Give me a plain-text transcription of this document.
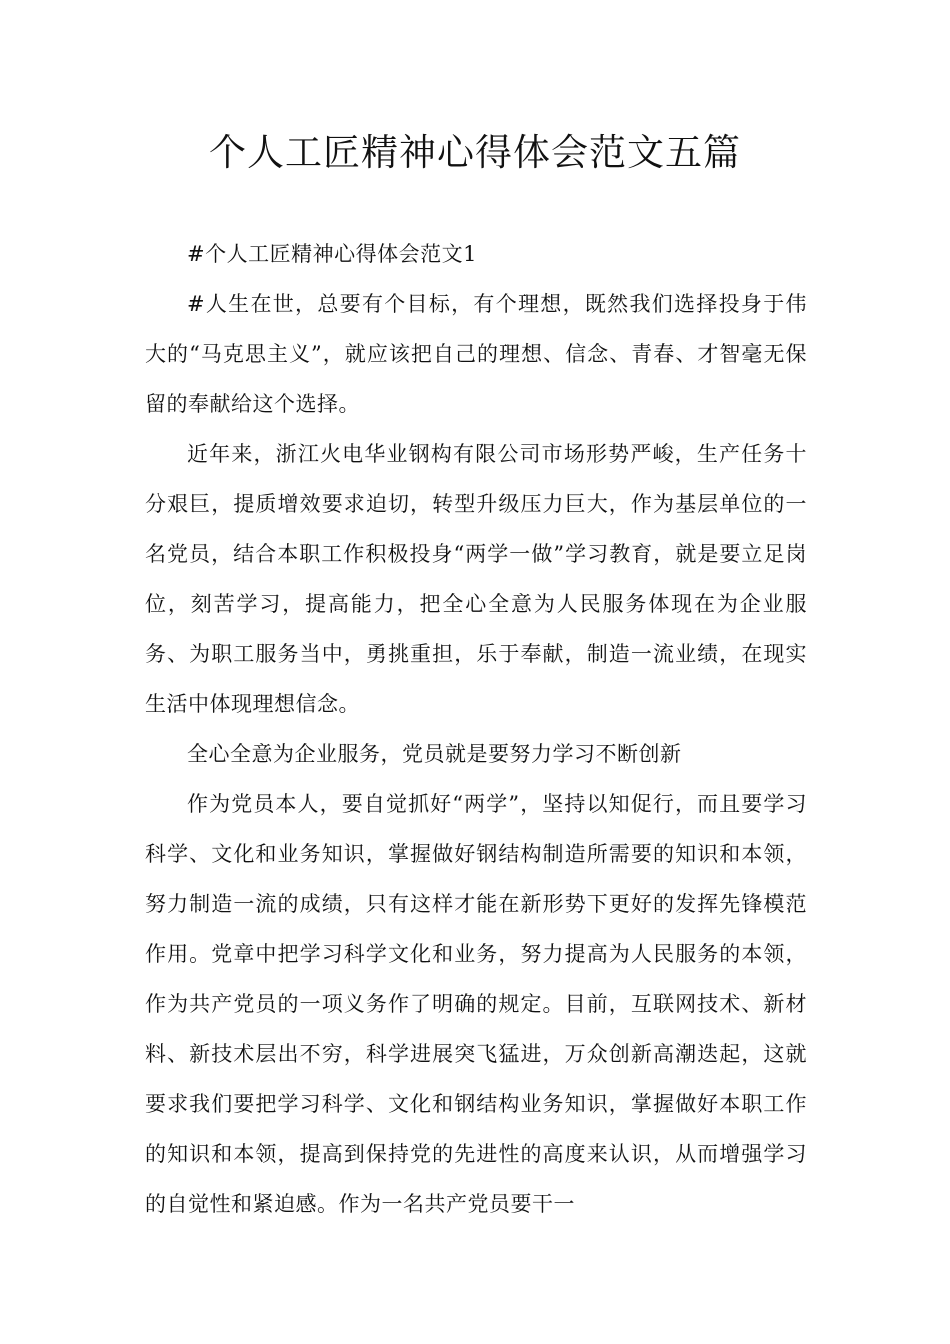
个人工匠精神心得体会范文五篇

#个人工匠精神心得体会范文1

#人生在世，总要有个目标，有个理想，既然我们选择投身于伟大的“马克思主义”，就应该把自己的理想、信念、青春、才智毫无保留的奉献给这个选择。

近年来，浙江火电华业钢构有限公司市场形势严峻，生产任务十分艰巨，提质增效要求迫切，转型升级压力巨大，作为基层单位的一名党员，结合本职工作积极投身“两学一做”学习教育，就是要立足岗位，刻苦学习，提高能力，把全心全意为人民服务体现在为企业服务、为职工服务当中，勇挑重担，乐于奉献，制造一流业绩，在现实生活中体现理想信念。

全心全意为企业服务，党员就是要努力学习不断创新

作为党员本人，要自觉抓好“两学”，坚持以知促行，而且要学习科学、文化和业务知识，掌握做好钢结构制造所需要的知识和本领，努力制造一流的成绩，只有这样才能在新形势下更好的发挥先锋模范作用。党章中把学习科学文化和业务，努力提高为人民服务的本领，作为共产党员的一项义务作了明确的规定。目前，互联网技术、新材料、新技术层出不穷，科学进展突飞猛进，万众创新高潮迭起，这就要求我们要把学习科学、文化和钢结构业务知识，掌握做好本职工作的知识和本领，提高到保持党的先进性的高度来认识，从而增强学习的自觉性和紧迫感。作为一名共产党员要干一
